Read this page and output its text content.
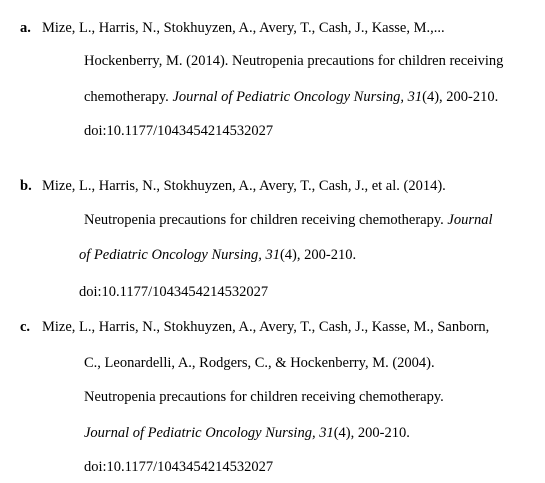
a. Mize, L., Harris, N., Stokhuyzen, A., Avery, T., Cash, J., Kasse, M.,...
Hockenberry, M. (2014). Neutropenia precautions for children receiving
chemotherapy. Journal of Pediatric Oncology Nursing, 31(4), 200-210.
doi:10.1177/1043454214532027
b. Mize, L., Harris, N., Stokhuyzen, A., Avery, T., Cash, J., et al. (2014).
Neutropenia precautions for children receiving chemotherapy. Journal
of Pediatric Oncology Nursing, 31(4), 200-210.
doi:10.1177/1043454214532027
c. Mize, L., Harris, N., Stokhuyzen, A., Avery, T., Cash, J., Kasse, M., Sanborn,
C., Leonardelli, A., Rodgers, C., & Hockenberry, M. (2004).
Neutropenia precautions for children receiving chemotherapy.
Journal of Pediatric Oncology Nursing, 31(4), 200-210.
doi:10.1177/1043454214532027
